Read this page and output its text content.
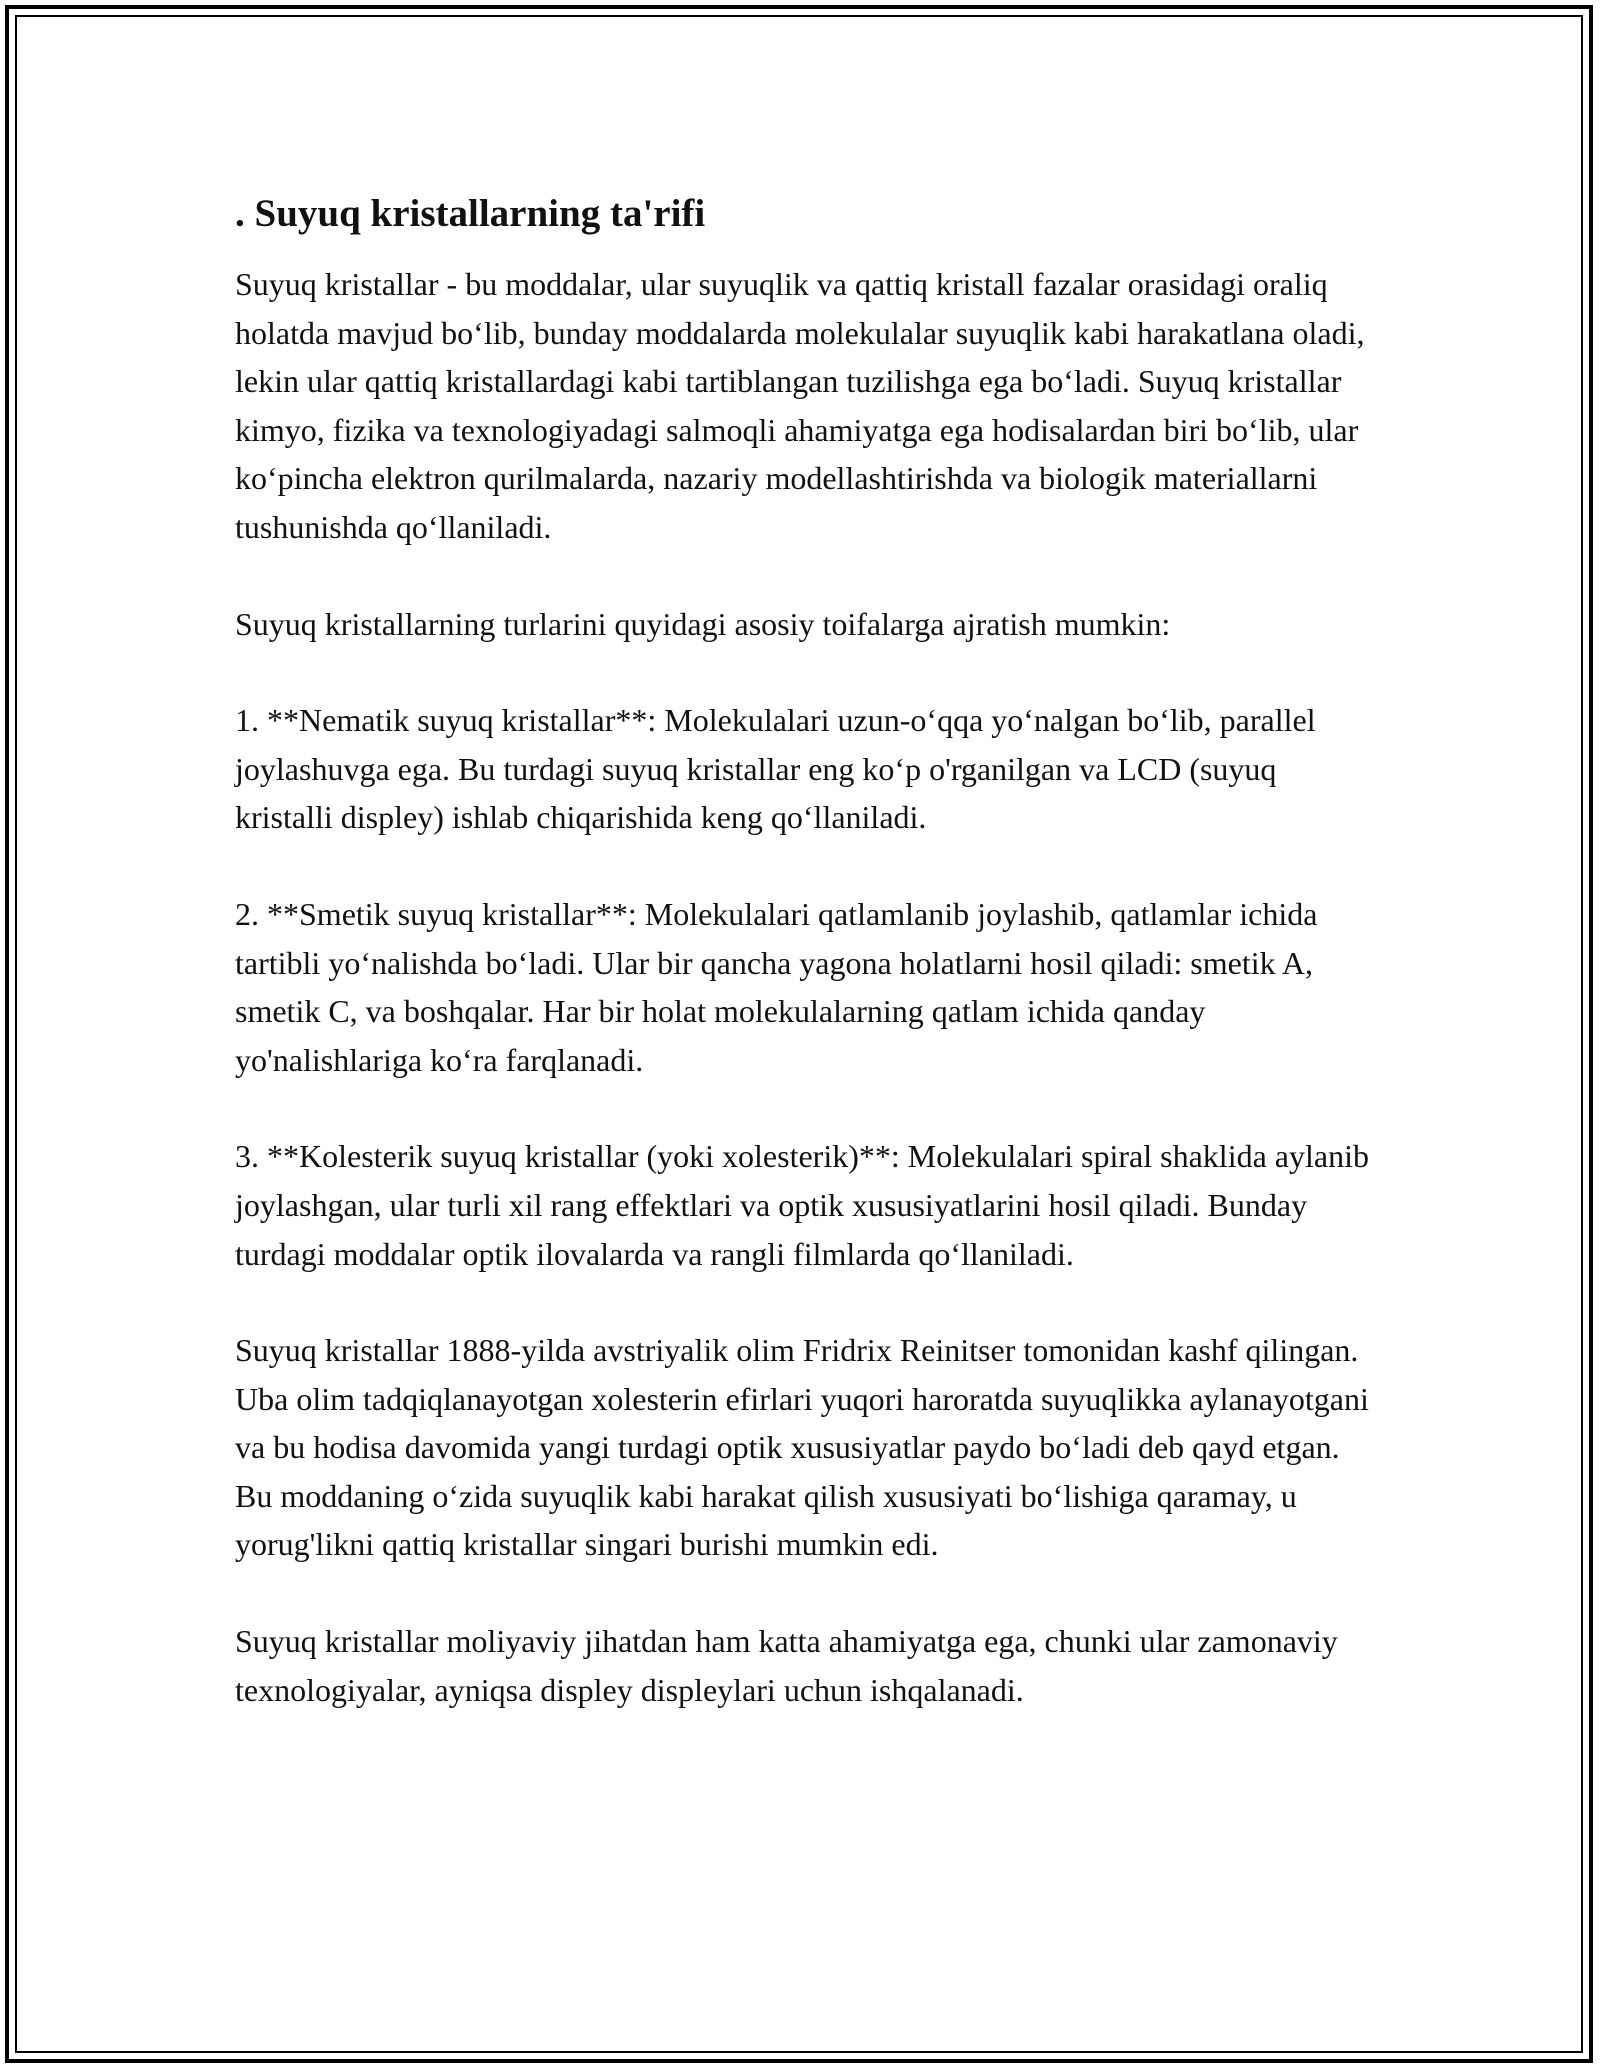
. Suyuq kristallarning ta'rifi

Suyuq kristallar - bu moddalar, ular suyuqlik va qattiq kristall fazalar orasidagi oraliq holatda mavjud bo‘lib, bunday moddalarda molekulalar suyuqlik kabi harakatlana oladi, lekin ular qattiq kristallardagi kabi tartiblangan tuzilishga ega bo‘ladi. Suyuq kristallar kimyo, fizika va texnologiyadagi salmoqli ahamiyatga ega hodisalardan biri bo‘lib, ular ko‘pincha elektron qurilmalarda, nazariy modellashtirishda va biologik materiallarni tushunishda qo‘llaniladi.

Suyuq kristallarning turlarini quyidagi asosiy toifalarga ajratish mumkin:

1. **Nematik suyuq kristallar**: Molekulalari uzun-o‘qqa yo‘nalgan bo‘lib, parallel joylashuvga ega. Bu turdagi suyuq kristallar eng ko‘p o'rganilgan va LCD (suyuq kristalli displey) ishlab chiqarishida keng qo‘llaniladi.

2. **Smetik suyuq kristallar**: Molekulalari qatlamlanib joylashib, qatlamlar ichida tartibli yo‘nalishda bo‘ladi. Ular bir qancha yagona holatlarni hosil qiladi: smetik A, smetik C, va boshqalar. Har bir holat molekulalarning qatlam ichida qanday yo'nalishlariga ko‘ra farqlanadi.

3. **Kolesterik suyuq kristallar (yoki xolesterik)**: Molekulalari spiral shaklida aylanib joylashgan, ular turli xil rang effektlari va optik xususiyatlarini hosil qiladi. Bunday turdagi moddalar optik ilovalarda va rangli filmlarda qo‘llaniladi.

Suyuq kristallar 1888-yilda avstriyalik olim Fridrix Reinitser tomonidan kashf qilingan. Uba olim tadqiqlanayotgan xolesterin efirlari yuqori haroratda suyuqlikka aylanayotgani va bu hodisa davomida yangi turdagi optik xususiyatlar paydo bo‘ladi deb qayd etgan. Bu moddaning o‘zida suyuqlik kabi harakat qilish xususiyati bo‘lishiga qaramay, u yorug'likni qattiq kristallar singari burishi mumkin edi.

Suyuq kristallar moliyaviy jihatdan ham katta ahamiyatga ega, chunki ular zamonaviy texnologiyalar, ayniqsa displey displeylari uchun ishqalanadi.
